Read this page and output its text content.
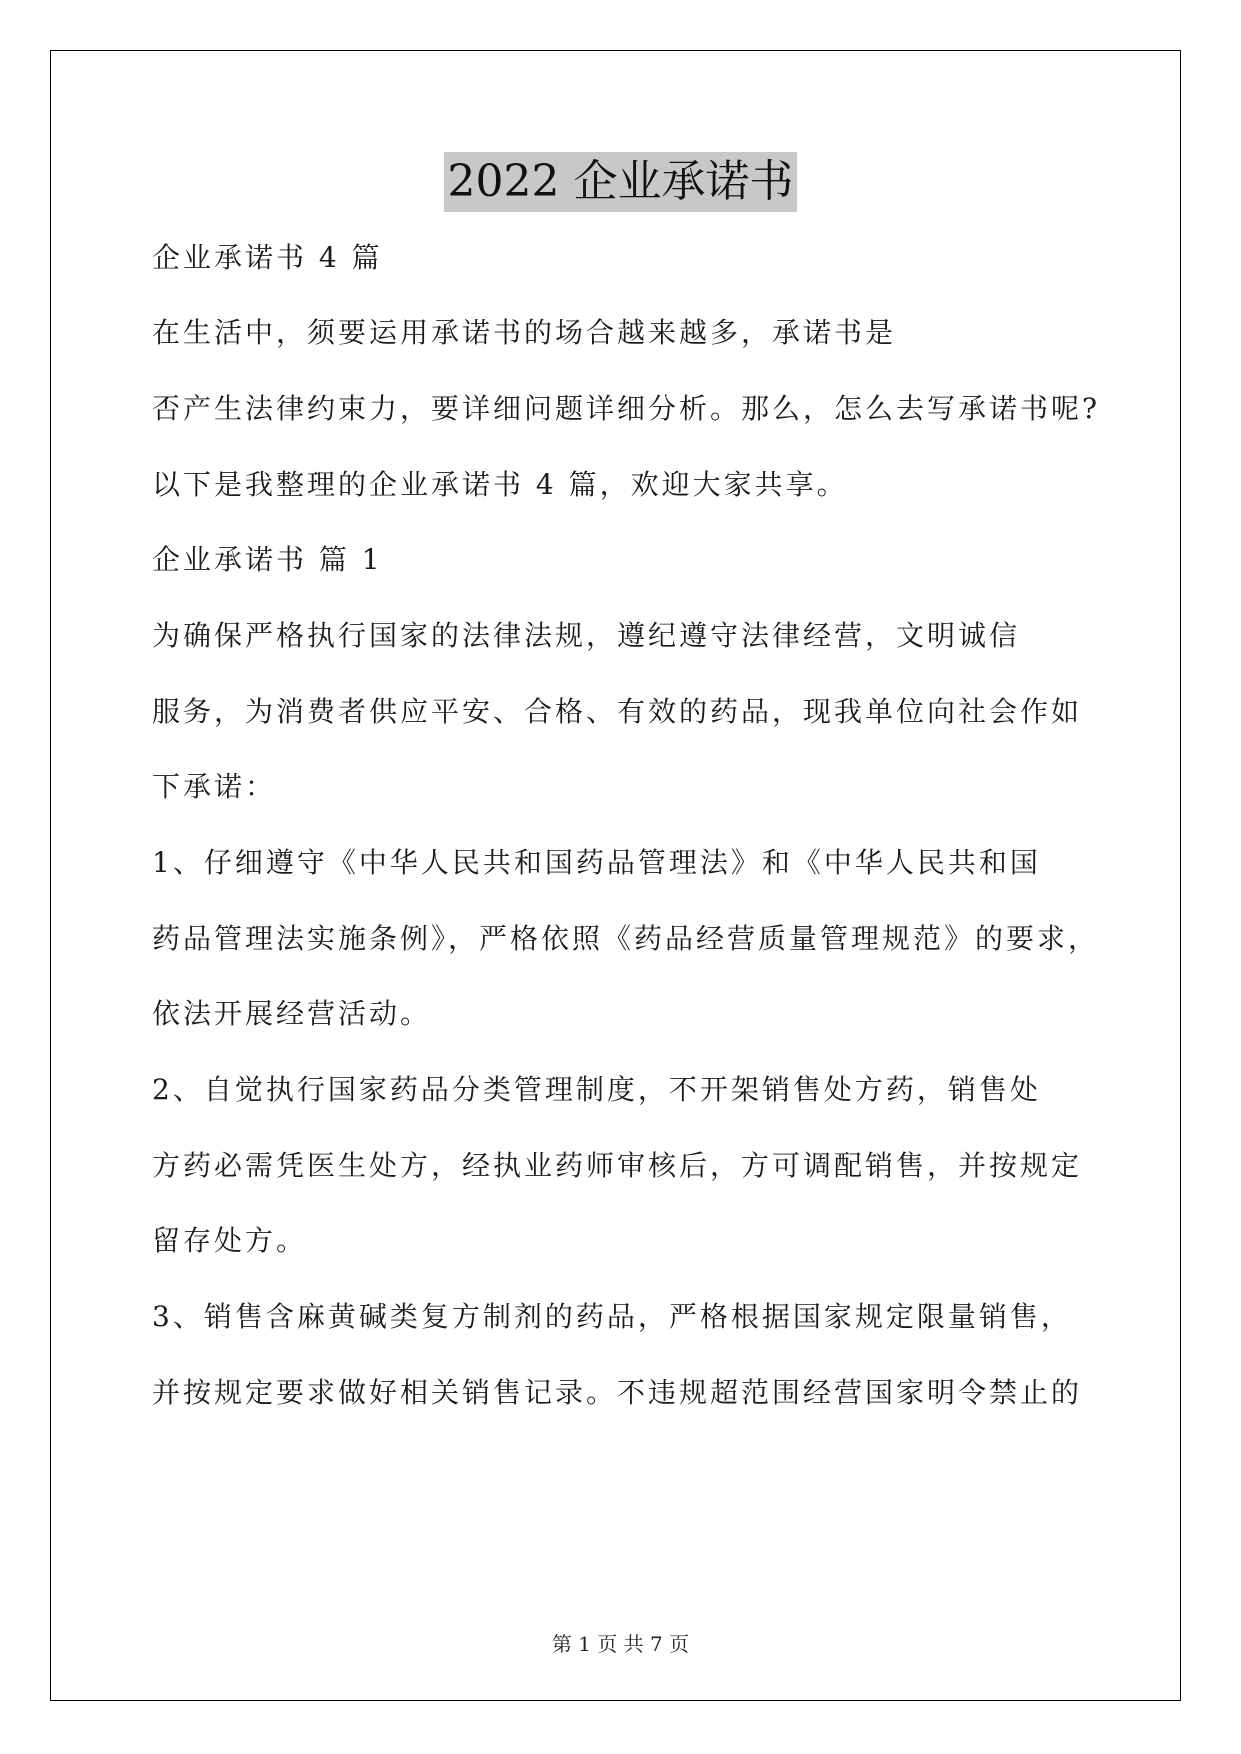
2022 企业承诺书
企业承诺书 4 篇
在生活中，须要运用承诺书的场合越来越多，承诺书是
否产生法律约束力，要详细问题详细分析。那么，怎么去写承诺书呢?
以下是我整理的企业承诺书 4 篇，欢迎大家共享。
企业承诺书 篇 1
为确保严格执行国家的法律法规，遵纪遵守法律经营，文明诚信
服务，为消费者供应平安、合格、有效的药品，现我单位向社会作如
下承诺：
1、仔细遵守《中华人民共和国药品管理法》和《中华人民共和国
药品管理法实施条例》，严格依照《药品经营质量管理规范》的要求，
依法开展经营活动。
2、自觉执行国家药品分类管理制度，不开架销售处方药，销售处
方药必需凭医生处方，经执业药师审核后，方可调配销售，并按规定
留存处方。
3、销售含麻黄碱类复方制剂的药品，严格根据国家规定限量销售，
并按规定要求做好相关销售记录。不违规超范围经营国家明令禁止的
第 1 页 共 7 页
